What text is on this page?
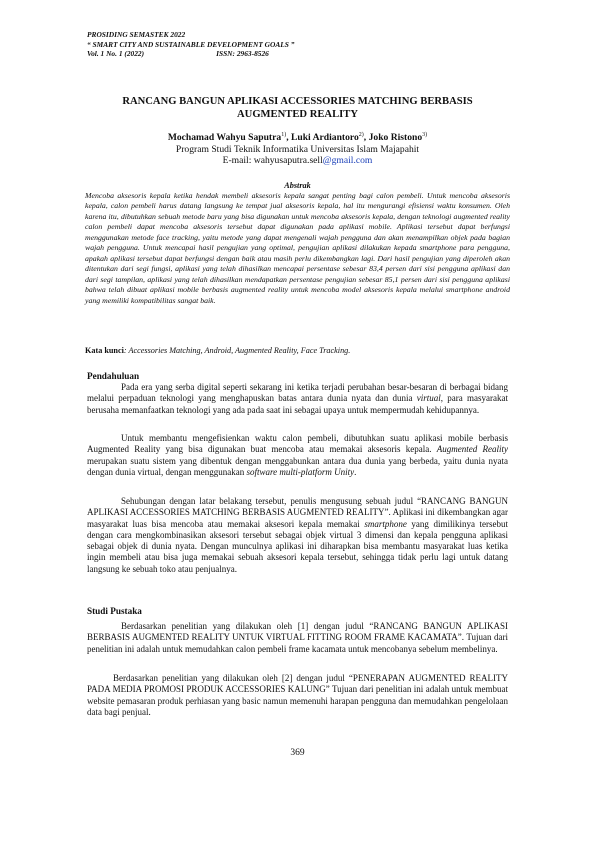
PROSIDING SEMASTEK 2022
“ SMART CITY AND SUSTAINABLE DEVELOPMENT GOALS ”
Vol. 1 No. 1 (2022)	ISSN: 2963-8526
RANCANG BANGUN APLIKASI ACCESSORIES MATCHING BERBASIS
AUGMENTED REALITY
Mochamad Wahyu Saputra$^{1)}$, Luki Ardiantoro$^{2)}$, Joko Ristono$^{3)}$
Program Studi Teknik Informatika Universitas Islam Majapahit
E-mail: wahyusaputra.sell@gmail.com
Abstrak
Mencoba aksesoris kepala ketika hendak membeli aksesoris kepala sangat penting bagi calon pembeli. Untuk mencoba aksesoris kepala, calon pembeli harus datang langsung ke tempat jual aksesoris kepala, hal itu mengurangi efisiensi waktu konsumen. Oleh karena itu, dibutuhkan sebuah metode baru yang bisa digunakan untuk mencoba aksesoris kepala, dengan teknologi augmented reality calon pembeli dapat mencoba aksesoris tersebut dapat digunakan pada aplikasi mobile. Aplikasi tersebut dapat berfungsi menggunakan metode face tracking, yaitu metode yang dapat mengenali wajah pengguna dan akan menampilkan objek pada bagian wajah pengguna. Untuk mencapai hasil pengujian yang optimal, pengujian aplikasi dilakukan kepada smartphone para pengguna, apakah aplikasi tersebut dapat berfungsi dengan baik atau masih perlu dikembangkan lagi. Dari hasil pengujian yang diperoleh akan ditentukan dari segi fungsi, aplikasi yang telah dihasilkan mencapai persentase sebesar 83,4 persen dari sisi pengguna aplikasi dan dari segi tampilan, aplikasi yang telah dihasilkan mendapatkan persentase pengujian sebesar 85,1 persen dari sisi pengguna aplikasi bahwa telah dibuat aplikasi mobile berbasis augmented reality untuk mencoba model aksesoris kepala melalui smartphone android yang memiliki kompatibilitas sangat baik.
Kata kunci: Accessories Matching, Android, Augmented Reality, Face Tracking.
Pendahuluan
Pada era yang serba digital seperti sekarang ini ketika terjadi perubahan besar-besaran di berbagai bidang melalui perpaduan teknologi yang menghapuskan batas antara dunia nyata dan dunia virtual, para masyarakat berusaha memanfaatkan teknologi yang ada pada saat ini sebagai upaya untuk mempermudah kehidupannya.
Untuk membantu mengefisienkan waktu calon pembeli, dibutuhkan suatu aplikasi mobile berbasis Augmented Reality yang bisa digunakan buat mencoba atau memakai aksesoris kepala. Augmented Reality merupakan suatu sistem yang dibentuk dengan menggabunkan antara dua dunia yang berbeda, yaitu dunia nyata dengan dunia virtual, dengan menggunakan software multi-platform Unity.
Sehubungan dengan latar belakang tersebut, penulis mengusung sebuah judul “RANCANG BANGUN APLIKASI ACCESSORIES MATCHING BERBASIS AUGMENTED REALITY”. Aplikasi ini dikembangkan agar masyarakat luas bisa mencoba atau memakai aksesori kepala memakai smartphone yang dimilikinya tersebut dengan cara mengkombinasikan aksesori tersebut sebagai objek virtual 3 dimensi dan kepala pengguna aplikasi sebagai objek di dunia nyata. Dengan munculnya aplikasi ini diharapkan bisa membantu masyarakat luas ketika ingin membeli atau bisa juga memakai sebuah aksesori kepala tersebut, sehingga tidak perlu lagi untuk datang langsung ke sebuah toko atau penjualnya.
Studi Pustaka
Berdasarkan penelitian yang dilakukan oleh [1] dengan judul “RANCANG BANGUN APLIKASI BERBASIS AUGMENTED REALITY UNTUK VIRTUAL FITTING ROOM FRAME KACAMATA”. Tujuan dari penelitian ini adalah untuk memudahkan calon pembeli frame kacamata untuk mencobanya sebelum membelinya.
Berdasarkan penelitian yang dilakukan oleh [2] dengan judul “PENERAPAN AUGMENTED REALITY PADA MEDIA PROMOSI PRODUK ACCESSORIES KALUNG” Tujuan dari penelitian ini adalah untuk membuat website pemasaran produk perhiasan yang basic namun memenuhi harapan pengguna dan memudahkan pengelolaan data bagi penjual.
369
